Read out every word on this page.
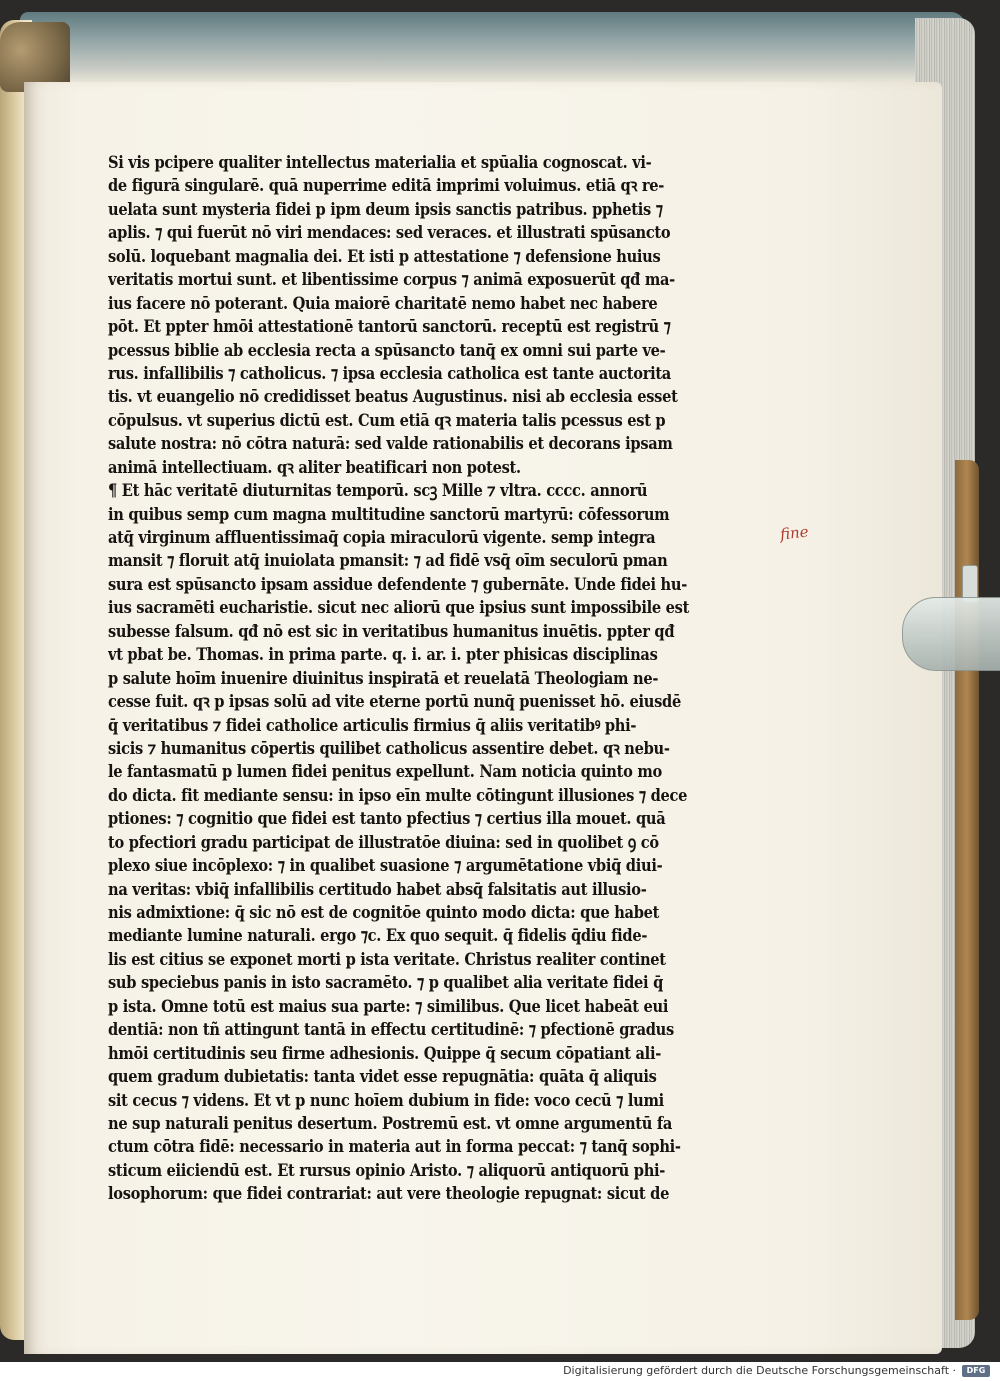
Si vis pcipere qualiter intellectus materialia et spūalia cognoscat. vi-
de figurā singularē. quā nuperrime editā imprimi voluimus. etiā qꝛ re-
uelata sunt mysteria fidei p ipm deum ipsis sanctis patribus. pphetis ⁊
aplis. ⁊ qui fuerūt nō viri mendaces: sed veraces. et illustrati spūsancto
solū. loquebant magnalia dei. Et isti p attestatione ⁊ defensione huius
veritatis mortui sunt. et libentissime corpus ⁊ animā exposuerūt qđ ma-
ius facere nō poterant. Quia maiorē charitatē nemo habet nec habere
pōt. Et ppter hmōi attestationē tantorū sanctorū. receptū est registrū ⁊
pcessus biblie ab ecclesia recta a spūsancto tanq̄ ex omni sui parte ve-
rus. infallibilis ⁊ catholicus. ⁊ ipsa ecclesia catholica est tante auctorita
tis. vt euangelio nō credidisset beatus Augustinus. nisi ab ecclesia esset
cōpulsus. vt superius dictū est. Cum etiā qꝛ materia talis pcessus est p
salute nostra: nō cōtra naturā: sed valde rationabilis et decorans ipsam
animā intellectiuam. qꝛ aliter beatificari non potest.
¶ Et hāc veritatē diuturnitas temporū. scꝫ Mille ⁊ vltra. cccc. annorū
in quibus semp cum magna multitudine sanctorū martyrū: cōfessorum
atq̄ virginum affluentissimaq̄ copia miraculorū vigente. semp integra
mansit ⁊ floruit atq̄ inuiolata pmansit: ⁊ ad fidē vsq̄ oīm seculorū pman
sura est spūsancto ipsam assidue defendente ⁊ gubernāte. Unde fidei hu-
ius sacramēti eucharistie. sicut nec aliorū que ipsius sunt impossibile est
subesse falsum. qđ nō est sic in veritatibus humanitus inuētis. ppter qđ
vt pbat be. Thomas. in prima parte. q. i. ar. i. pter phisicas disciplinas
p salute hoīm inuenire diuinitus inspiratā et reuelatā Theologiam ne-
cesse fuit. qꝛ p ipsas solū ad vite eterne portū nunq̄ puenisset hō. eiusdē
q̄ veritatibus ⁊ fidei catholice articulis firmius q̄ aliis veritatibꝰ phi-
sicis ⁊ humanitus cōpertis quilibet catholicus assentire debet. qꝛ nebu-
le fantasmatū p lumen fidei penitus expellunt. Nam noticia quinto mo
do dicta. fit mediante sensu: in ipso eīn multe cōtingunt illusiones ⁊ dece
ptiones: ⁊ cognitio que fidei est tanto pfectius ⁊ certius illa mouet. quā
to pfectiori gradu participat de illustratōe diuina: sed in quolibet ꝯ cō
plexo siue incōplexo: ⁊ in qualibet suasione ⁊ argumētatione vbiq̄ diui-
na veritas: vbiq̄ infallibilis certitudo habet absq̄ falsitatis aut illusio-
nis admixtione: q̄ sic nō est de cognitōe quinto modo dicta: que habet
mediante lumine naturali. ergo ⁊c. Ex quo sequit. q̄ fidelis q̄diu fide-
lis est citius se exponet morti p ista veritate. Christus realiter continet
sub speciebus panis in isto sacramēto. ⁊ p qualibet alia veritate fidei q̄
p ista. Omne totū est maius sua parte: ⁊ similibus. Que licet habeāt eui
dentiā: non tñ attingunt tantā in effectu certitudinē: ⁊ pfectionē gradus
hmōi certitudinis seu firme adhesionis. Quippe q̄ secum cōpatiant ali-
quem gradum dubietatis: tanta videt esse repugnātia: quāta q̄ aliquis
sit cecus ⁊ videns. Et vt p nunc hoīem dubium in fide: voco cecū ⁊ lumi
ne sup naturali penitus desertum. Postremū est. vt omne argumentū fa
ctum cōtra fidē: necessario in materia aut in forma peccat: ⁊ tanq̄ sophi-
sticum eiiciendū est. Et rursus opinio Aristo. ⁊ aliquorū antiquorū phi-
losophorum: que fidei contrariat: aut vere theologie repugnat: sicut de
fine
Digitalisierung gefördert durch die Deutsche Forschungsgemeinschaft ·	DFG
